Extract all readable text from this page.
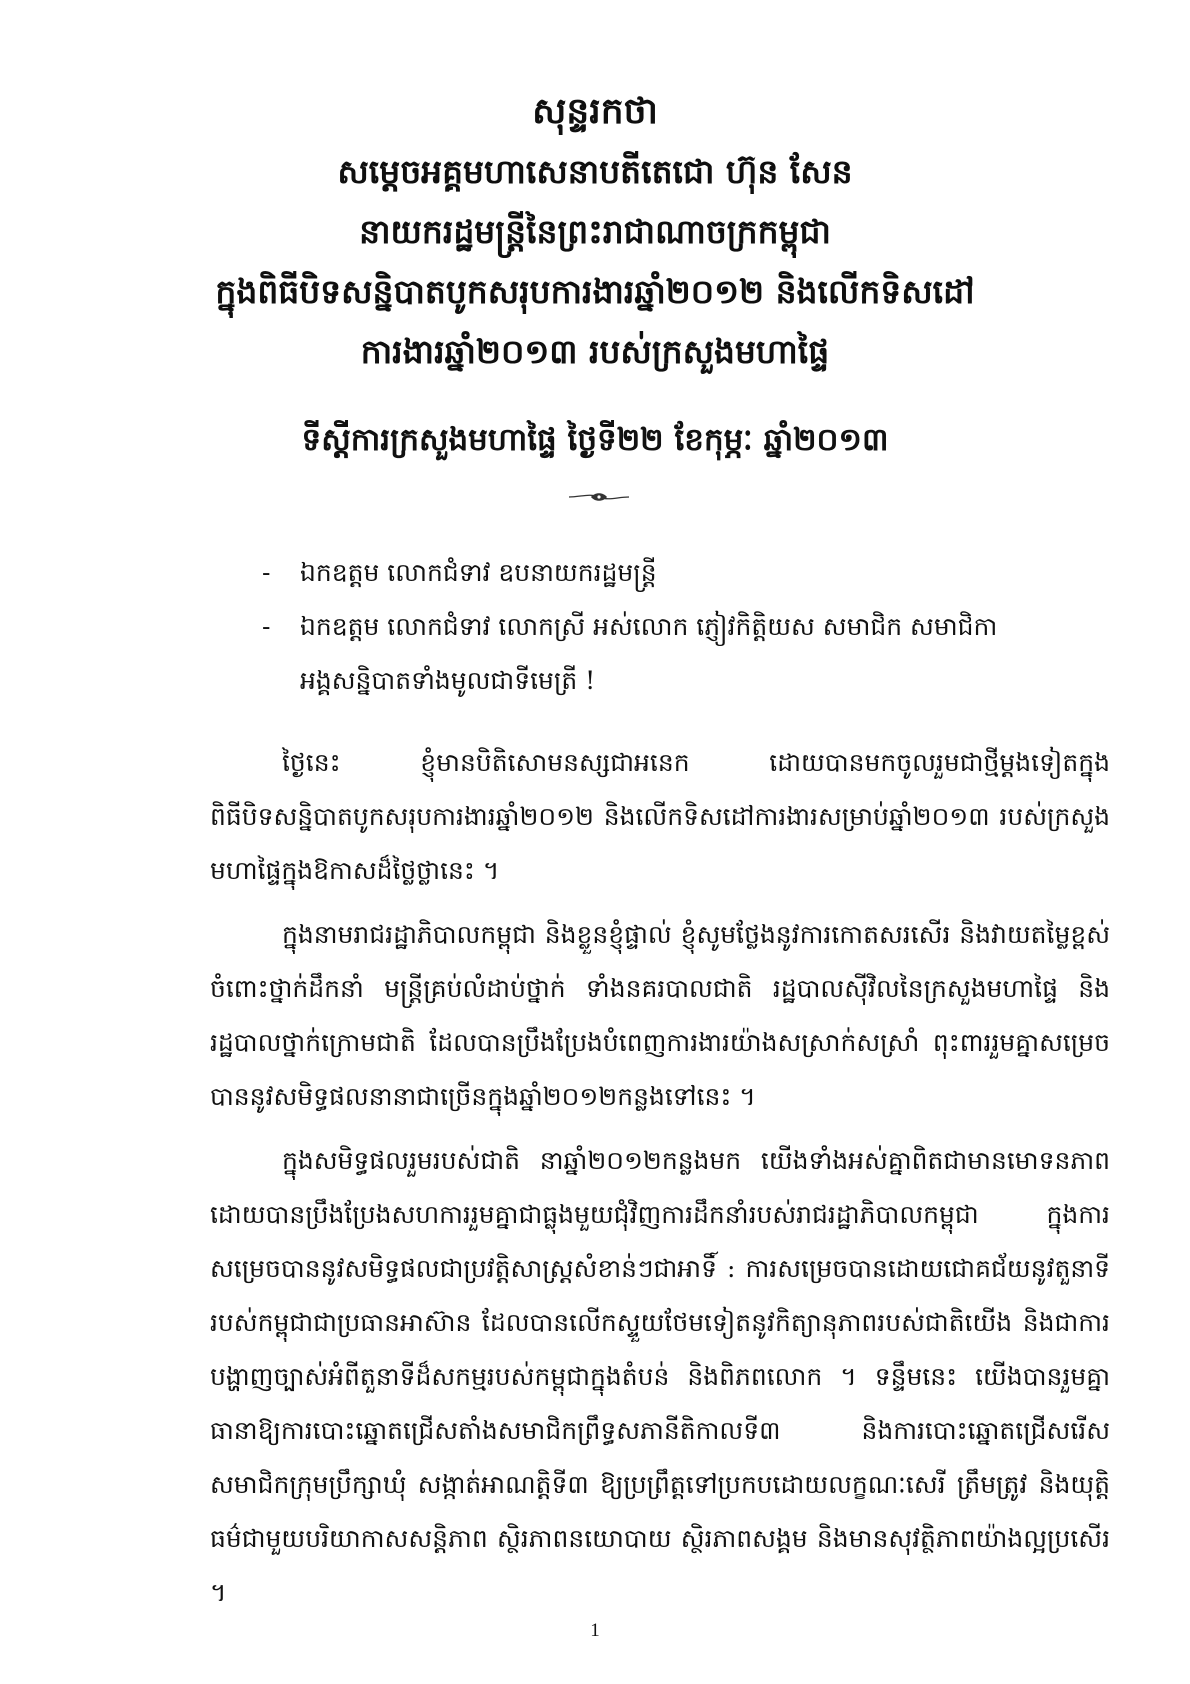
សុន្ទរកថា
សម្តេចអគ្គមហាសេនាបតីតេជោ ហ៊ុន សែន
នាយករដ្ឋមន្ត្រីនៃព្រះរាជាណាចក្រកម្ពុជា
ក្នុងពិធីបិទសន្និបាតបូកសរុបការងារឆ្នាំ២០១២ និងលើកទិសដៅ
ការងារឆ្នាំ២០១៣ របស់ក្រសួងមហាផ្ទៃ
ទីស្តីការក្រសួងមហាផ្ទៃ ថ្ងៃទី២២ ខែកុម្ភៈ ឆ្នាំ២០១៣
- ឯកឧត្តម លោកជំទាវ ឧបនាយករដ្ឋមន្ត្រី
- ឯកឧត្តម លោកជំទាវ លោកស្រី អស់លោក ភ្ញៀវកិត្តិយស សមាជិក សមាជិកា
អង្គសន្និបាតទាំងមូលជាទីមេត្រី !

ថ្ងៃនេះ ខ្ញុំមានបិតិសោមនស្សជាអនេក ដោយបានមកចូលរួមជាថ្មីម្តងទៀតក្នុងពិធីបិទសន្និបាតបូកសរុបការងារឆ្នាំ២០១២ និងលើកទិសដៅការងារសម្រាប់ឆ្នាំ២០១៣ របស់ក្រសួងមហាផ្ទៃក្នុងឱកាសដ៏ថ្លៃថ្លានេះ ។

ក្នុងនាមរាជរដ្ឋាភិបាលកម្ពុជា និងខ្លួនខ្ញុំផ្ទាល់ ខ្ញុំសូមថ្លែងនូវការកោតសរសើរ និងវាយតម្លៃខ្ពស់ចំពោះថ្នាក់ដឹកនាំ មន្ត្រីគ្រប់លំដាប់ថ្នាក់ ទាំងនគរបាលជាតិ រដ្ឋបាលស៊ីវិលនៃក្រសួងមហាផ្ទៃ និងរដ្ឋបាលថ្នាក់ក្រោមជាតិ ដែលបានប្រឹងប្រែងបំពេញការងារយ៉ាងសស្រាក់សស្រាំ ពុះពាររួមគ្នាសម្រេចបាននូវសមិទ្ធផលនានាជាច្រើនក្នុងឆ្នាំ២០១២កន្លងទៅនេះ ។

ក្នុងសមិទ្ធផលរួមរបស់ជាតិ នាឆ្នាំ២០១២កន្លងមក យើងទាំងអស់គ្នាពិតជាមានមោទនភាពដោយបានប្រឹងប្រែងសហការរួមគ្នាជាធ្លុងមួយជុំវិញការដឹកនាំរបស់រាជរដ្ឋាភិបាលកម្ពុជា ក្នុងការសម្រេចបាននូវសមិទ្ធផលជាប្រវត្តិសាស្ត្រសំខាន់ៗជាអាទិ៍ : ការសម្រេចបានដោយជោគជ័យនូវតួនាទីរបស់កម្ពុជាជាប្រធានអាស៊ាន ដែលបានលើកស្ទួយថែមទៀតនូវកិត្យានុភាពរបស់ជាតិយើង និងជាការបង្ហាញច្បាស់អំពីតួនាទីដ៏សកម្មរបស់កម្ពុជាក្នុងតំបន់ និងពិភពលោក ។ ទន្ទឹមនេះ យើងបានរួមគ្នាធានាឱ្យការបោះឆ្នោតជ្រើសតាំងសមាជិកព្រឹទ្ធសភានីតិកាលទី៣ និងការបោះឆ្នោតជ្រើសរើសសមាជិកក្រុមប្រឹក្សាឃុំ សង្កាត់អាណត្តិទី៣ ឱ្យប្រព្រឹត្តទៅប្រកបដោយលក្ខណៈសេរី ត្រឹមត្រូវ និងយុត្តិធម៌ជាមួយបរិយាកាសសន្តិភាព ស្ថិរភាពនយោបាយ ស្ថិរភាពសង្គម និងមានសុវត្ថិភាពយ៉ាងល្អប្រសើរ ។

1
